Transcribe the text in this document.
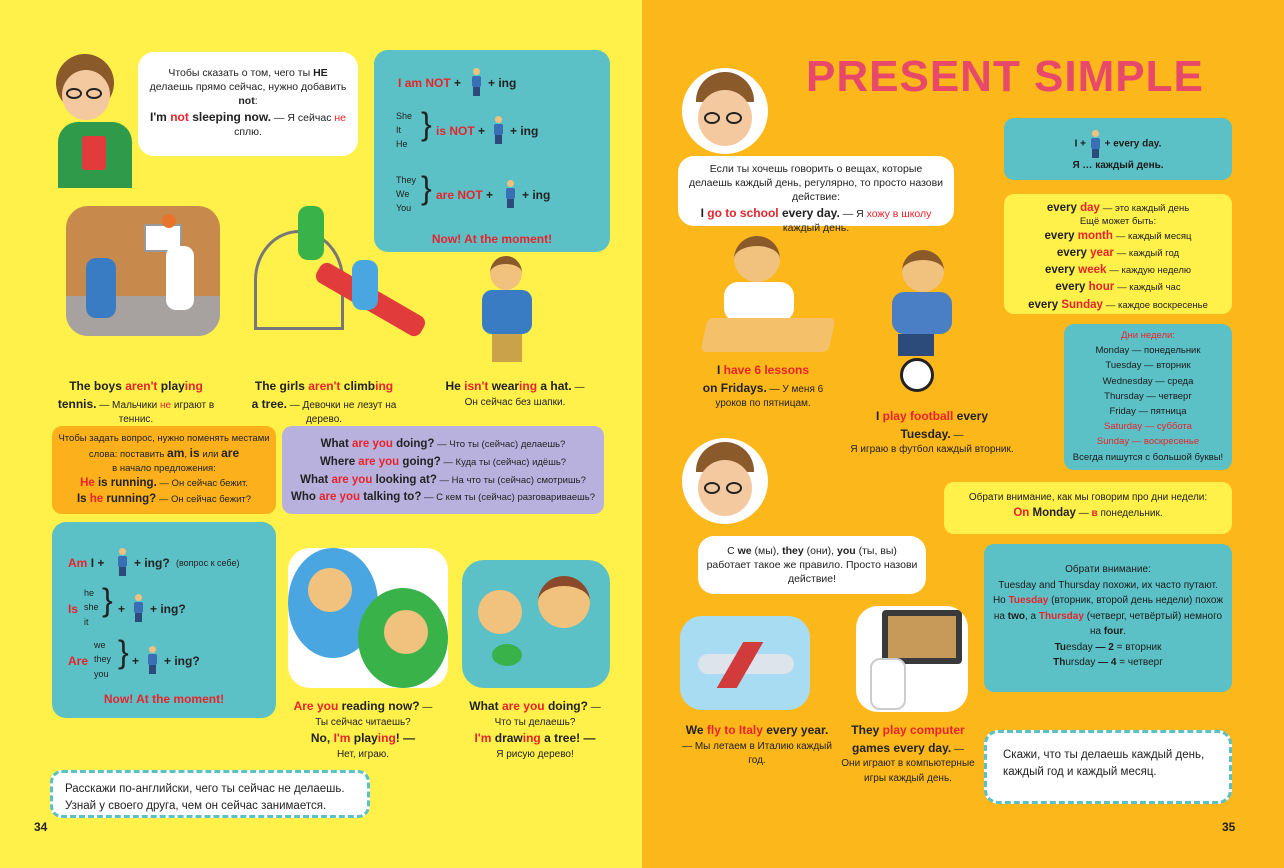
Чтобы сказать о том, чего ты НЕ делаешь прямо сейчас, нужно добавить not:
I'm not sleeping now. — Я сейчас не сплю.
I am NOT + + ing
She
It
He
} is NOT + + ing
They
We
You
} are NOT + + ing
Now! At the moment!
The boys aren't playing
tennis. — Мальчики не играют в теннис.
The girls aren't climbing
a tree. — Девочки не лезут на дерево.
He isn't wearing a hat. —
Он сейчас без шапки.
Чтобы задать вопрос, нужно поменять местами слова: поставить am, is или are
в начало предложения:
He is running. — Он сейчас бежит.
Is he running? — Он сейчас бежит?
What are you doing? — Что ты (сейчас) делаешь?
Where are you going? — Куда ты (сейчас) идёшь?
What are you looking at? — На что ты (сейчас) смотришь?
Who are you talking to? — С кем ты (сейчас) разговариваешь?
Am I + + ing? (вопрос к себе)
he
she
it
Is } + + ing?
we
they
you
Are } + + ing?
Now! At the moment!	Are you reading now? —
Ты сейчас читаешь?
No, I'm playing! —
Нет, играю.
What are you doing? —
Что ты делаешь?
I'm drawing a tree! —
Я рисую дерево!
Расскажи по-английски, чего ты сейчас не делаешь. Узнай у своего друга, чем он сейчас занимается.
34
PRESENT SIMPLE
Если ты хочешь говорить о вещах, которые делаешь каждый день, регулярно, то просто назови действие:
I go to school every day. — Я хожу в школу
каждый день.
I + + every day.
Я … каждый день.
every day — это каждый день
Ещё может быть:
every month — каждый месяц
every year — каждый год
every week — каждую неделю
every hour — каждый час
every Sunday — каждое воскресенье
Дни недели:
Monday — понедельник
Tuesday — вторник
Wednesday — среда
Thursday — четверг
Friday — пятница
Saturday — суббота
Sunday — воскресенье
Всегда пишутся с большой буквы!
I have 6 lessons
on Fridays. — У меня 6 уроков по пятницам.
I play football every Tuesday. —
Я играю в футбол каждый вторник.
Обрати внимание, как мы говорим про дни недели:
On Monday — в понедельник.
С we (мы), they (они), you (ты, вы) работает такое же правило. Просто назови действие!
Обрати внимание:
Tuesday and Thursday похожи, их часто путают.
Но Tuesday (вторник, второй день недели) похож на two, а Thursday (четверг, четвёртый) немного на four.
Tuesday — 2 = вторник
Thursday — 4 = четверг
We fly to Italy every year. — Мы летаем в Италию каждый год.
They play computer
games every day. —
Они играют в компьютерные игры каждый день.
Скажи, что ты делаешь каждый день, каждый год и каждый месяц.
35
